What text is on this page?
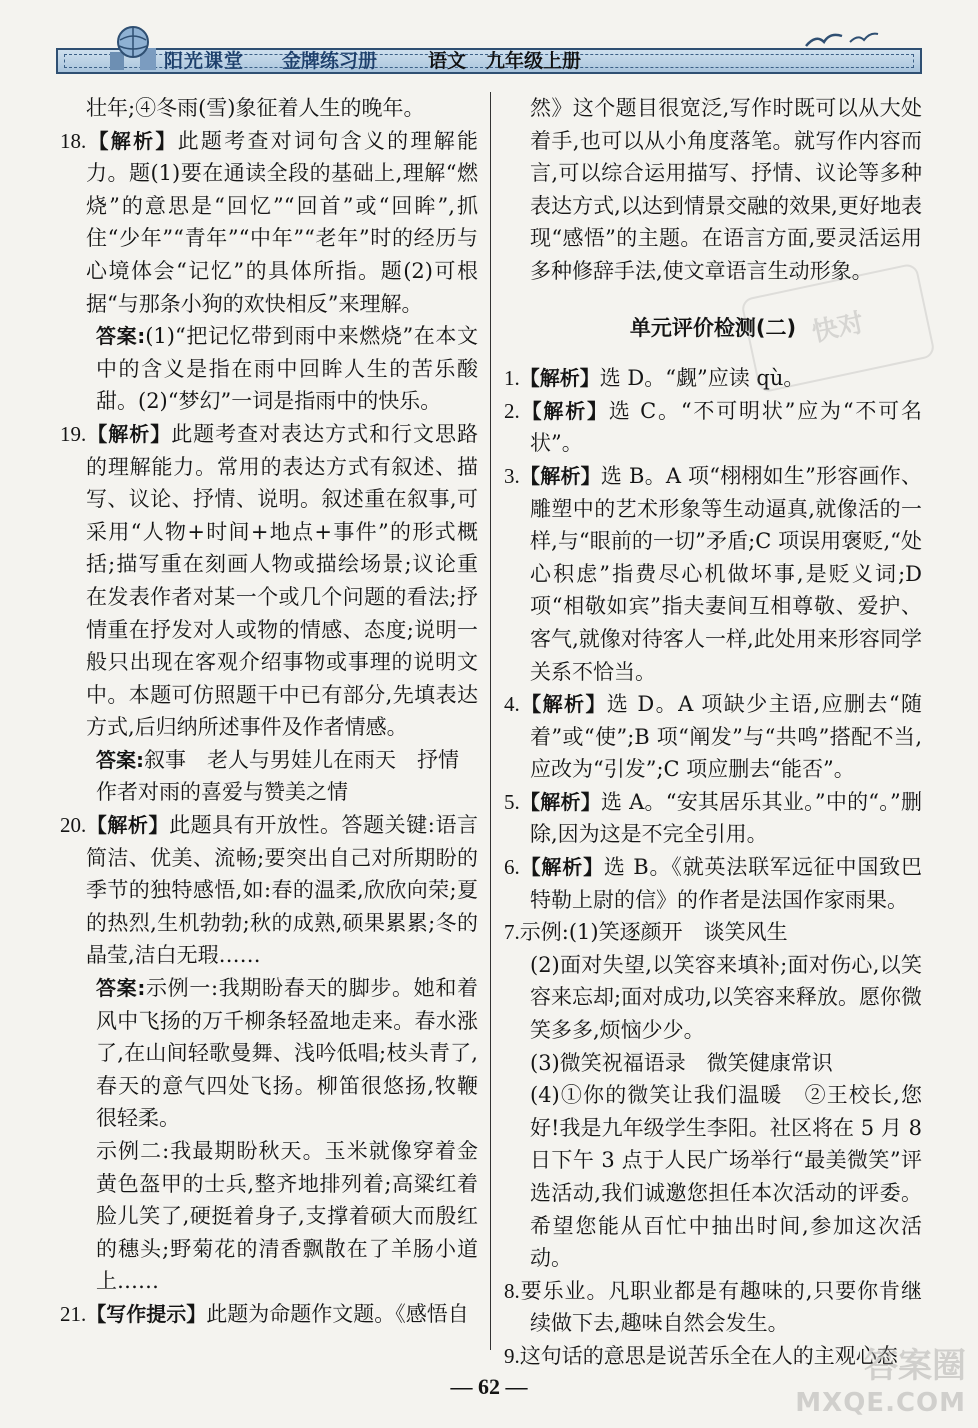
阳光课堂 金牌练习册	语文 九年级上册

壮年;④冬雨(雪)象征着人生的晚年。

18.【解析】此题考查对词句含义的理解能力。题(1)要在通读全段的基础上,理解“燃烧”的意思是“回忆”“回首”或“回眸”,抓住“少年”“青年”“中年”“老年”时的经历与心境体会“记忆”的具体所指。题(2)可根据“与那条小狗的欢快相反”来理解。

答案:(1)“把记忆带到雨中来燃烧”在本文中的含义是指在雨中回眸人生的苦乐酸甜。(2)“梦幻”一词是指雨中的快乐。

19.【解析】此题考查对表达方式和行文思路的理解能力。常用的表达方式有叙述、描写、议论、抒情、说明。叙述重在叙事,可采用“人物+时间+地点+事件”的形式概括;描写重在刻画人物或描绘场景;议论重在发表作者对某一个或几个问题的看法;抒情重在抒发对人或物的情感、态度;说明一般只出现在客观介绍事物或事理的说明文中。本题可仿照题干中已有部分,先填表达方式,后归纳所述事件及作者情感。

答案:叙事　老人与男娃儿在雨天　抒情

作者对雨的喜爱与赞美之情

20.【解析】此题具有开放性。答题关键:语言简洁、优美、流畅;要突出自己对所期盼的季节的独特感悟,如:春的温柔,欣欣向荣;夏的热烈,生机勃勃;秋的成熟,硕果累累;冬的晶莹,洁白无瑕……

答案:示例一:我期盼春天的脚步。她和着风中飞扬的万千柳条轻盈地走来。春水涨了,在山间轻歌曼舞、浅吟低唱;枝头青了,春天的意气四处飞扬。柳笛很悠扬,牧鞭很轻柔。

示例二:我最期盼秋天。玉米就像穿着金黄色盔甲的士兵,整齐地排列着;高粱红着脸儿笑了,硬挺着身子,支撑着硕大而殷红的穗头;野菊花的清香飘散在了羊肠小道上……

21.【写作提示】此题为命题作文题。《感悟自

然》这个题目很宽泛,写作时既可以从大处着手,也可以从小角度落笔。就写作内容而言,可以综合运用描写、抒情、议论等多种表达方式,以达到情景交融的效果,更好地表现“感悟”的主题。在语言方面,要灵活运用多种修辞手法,使文章语言生动形象。

单元评价检测(二)

1.【解析】选 D。“觑”应读 qù。

2.【解析】选 C。“不可明状”应为“不可名状”。

3.【解析】选 B。A 项“栩栩如生”形容画作、雕塑中的艺术形象等生动逼真,就像活的一样,与“眼前的一切”矛盾;C 项误用褒贬,“处心积虑”指费尽心机做坏事,是贬义词;D 项“相敬如宾”指夫妻间互相尊敬、爱护、客气,就像对待客人一样,此处用来形容同学关系不恰当。

4.【解析】选 D。A 项缺少主语,应删去“随着”或“使”;B 项“阐发”与“共鸣”搭配不当,应改为“引发”;C 项应删去“能否”。

5.【解析】选 A。“安其居乐其业。”中的“。”删除,因为这是不完全引用。

6.【解析】选 B。《就英法联军远征中国致巴特勒上尉的信》的作者是法国作家雨果。

7.示例:(1)笑逐颜开　谈笑风生

(2)面对失望,以笑容来填补;面对伤心,以笑容来忘却;面对成功,以笑容来释放。愿你微笑多多,烦恼少少。

(3)微笑祝福语录　微笑健康常识

(4)①你的微笑让我们温暖　②王校长,您好!我是九年级学生李阳。社区将在 5 月 8 日下午 3 点于人民广场举行“最美微笑”评选活动,我们诚邀您担任本次活动的评委。希望您能从百忙中抽出时间,参加这次活动。

8.要乐业。凡职业都是有趣味的,只要你肯继续做下去,趣味自然会发生。

9.这句话的意思是说苦乐全在人的主观心态

快对
— 62 —
答案圈
MXQE.COM
